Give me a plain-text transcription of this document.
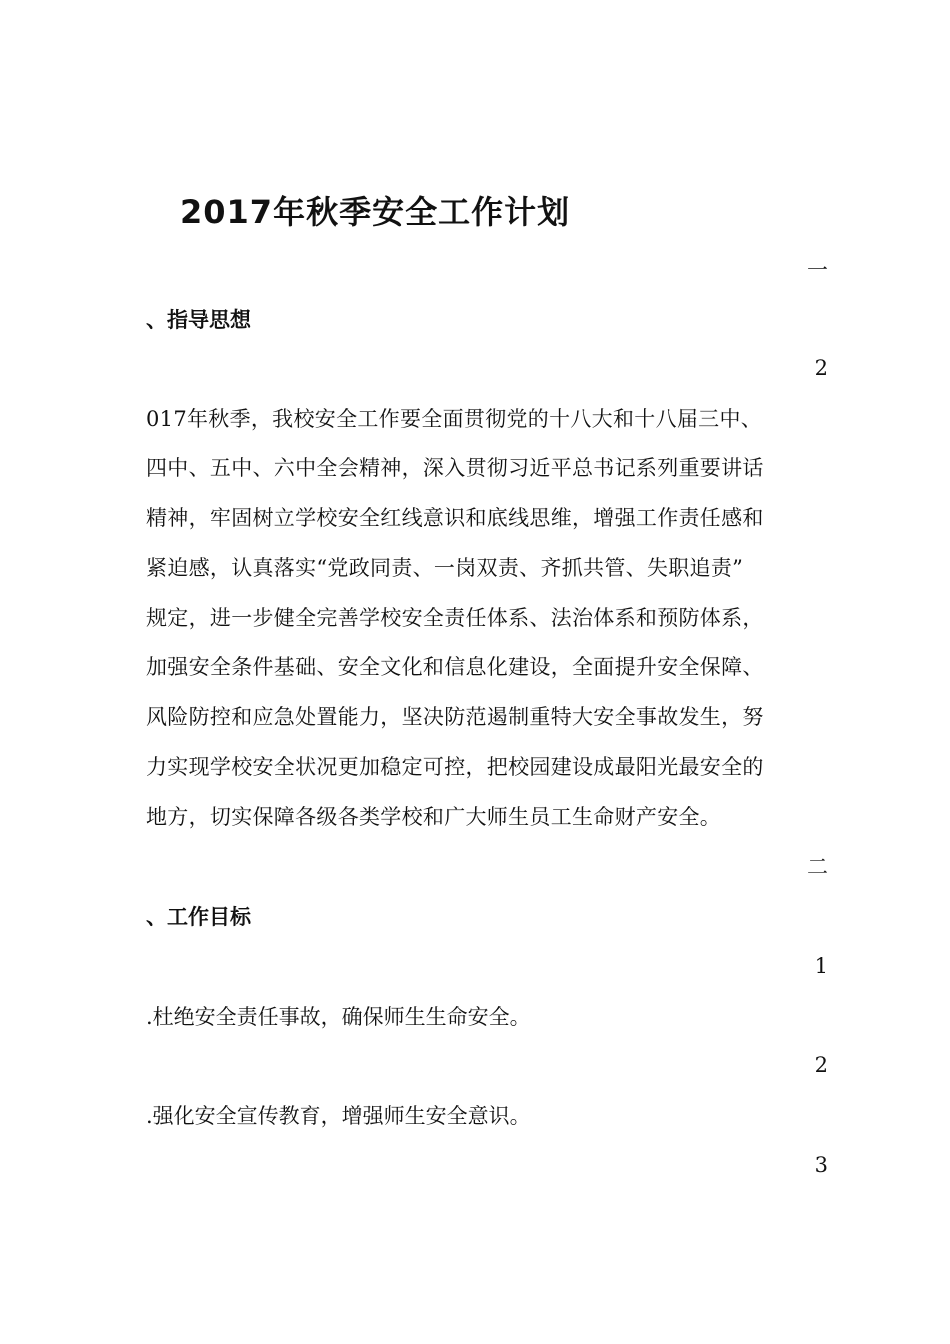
2017年秋季安全工作计划
一
、指导思想
2
017年秋季，我校安全工作要全面贯彻党的十八大和十八届三中、
四中、五中、六中全会精神，深入贯彻习近平总书记系列重要讲话
精神，牢固树立学校安全红线意识和底线思维，增强工作责任感和
紧迫感，认真落实“党政同责、一岗双责、齐抓共管、失职追责”
规定，进一步健全完善学校安全责任体系、法治体系和预防体系，
加强安全条件基础、安全文化和信息化建设，全面提升安全保障、
风险防控和应急处置能力，坚决防范遏制重特大安全事故发生，努
力实现学校安全状况更加稳定可控，把校园建设成最阳光最安全的
地方，切实保障各级各类学校和广大师生员工生命财产安全。
二
、工作目标
1
.杜绝安全责任事故，确保师生生命安全。
2
.强化安全宣传教育，增强师生安全意识。
3
